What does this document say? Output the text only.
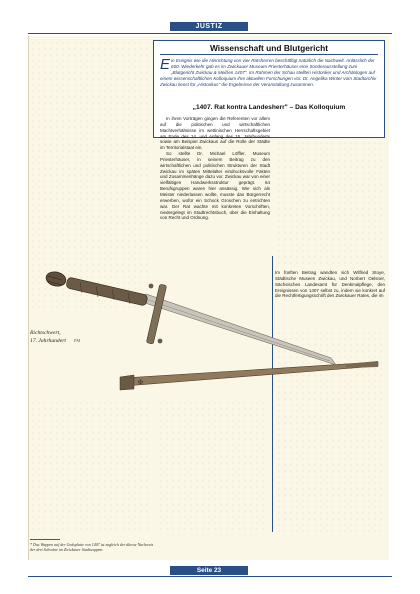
JUSTIZ
Wissenschaft und Blutgericht
Ein Ereignis wie die Hinrichtung von vier Ratsherren beschäftigt natürlich die Nachwelt. Anlässlich der 600. Wiederkehr gab es im Zwickauer Museum Priesterhäuser eine Sonderausstellung zum „Blutgericht Zwickau & Meißen 1407". Im Rahmen der Schau stellten Historiker und Archäologen auf einem wissenschaftlichen Kolloquium ihre aktuellen Forschungen vor. Dr. Angelika Winter vom Stadtarchiv Zwickau lieost für „Historikus" die Ergebnisse der Veranstaltung zusammen.
„1407. Rat kontra Landesherr" – Das Kolloquium

In ihren Vorträgen gingen die Referenten vor allem auf die politischen und wirtschaftlichen Machtverhältnisse im wettinischen Herrschaftsgebiet am Ende des 14. und Anfang des 15. Jahrhunderts sowie am Beispiel Zwickaus auf die Rolle der Städte im Territorialstaat ein.

So stellte Dr. Michael Löffler, Museum Priesterhäuser, in seinem Beitrag zu den wirtschaftlichen und politischen Strukturen der Stadt Zwickau im späten Mittelalter eindrucksvolle Fakten und Zusammenhänge dazu vor. Zwickau war von einer vielfältigen Handwerksstruktur geprägt. 64 Berufsgruppen waren hier ansässig. Wie sich als Meister niederlassen wollte, musste das Bürgerrecht erwerben, wofür ein Schock Groschen zu entrichten war. Der Rat wachte mit konkreten Vorschriften, niedergelegt im Stadtrechtsbuch, über die Einhaltung von Recht und Ordnung.

Im fünften Beitrag wandten sich Wilfried Stoye, Städtische Museen Zwickau, und Norbert Oelsner, Sächsisches Landesamt für Denkmalpflege, den Ereignissen von 1407 selbst zu, indem sie konkret auf die Rechtfertigungsschrift des Zwickauer Rates, die im
✠
Richtschwert,
17. Jahrhundert PM
* Das Wappen auf der Gedsplatte von 1407 ist zugleich der älteste Nachweis der drei Schwäne im Zwickauer Stadtwappen.
Seite 23
